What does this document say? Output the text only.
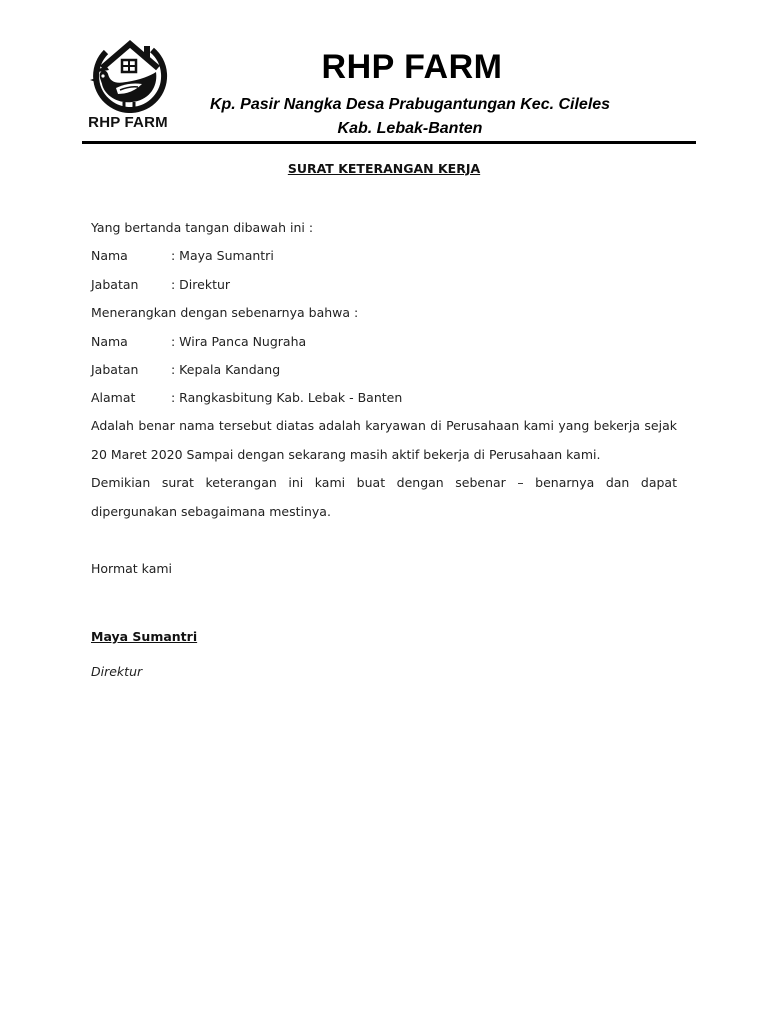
RHP FARM
RHP FARM
Kp. Pasir Nangka Desa Prabugantungan Kec. Cileles
Kab. Lebak-Banten
SURAT KETERANGAN KERJA
Yang bertanda tangan dibawah ini :
Nama	: Maya Sumantri
Jabatan	: Direktur
Menerangkan dengan sebenarnya bahwa :
Nama	: Wira Panca Nugraha
Jabatan	: Kepala Kandang
Alamat	: Rangkasbitung Kab. Lebak - Banten
Adalah benar nama tersebut diatas adalah karyawan di Perusahaan kami yang bekerja sejak 20 Maret 2020 Sampai dengan sekarang masih aktif bekerja di Perusahaan kami.
Demikian surat keterangan ini kami buat dengan sebenar – benarnya dan dapat dipergunakan sebagaimana mestinya.
Hormat kami
Maya Sumantri
Direktur
